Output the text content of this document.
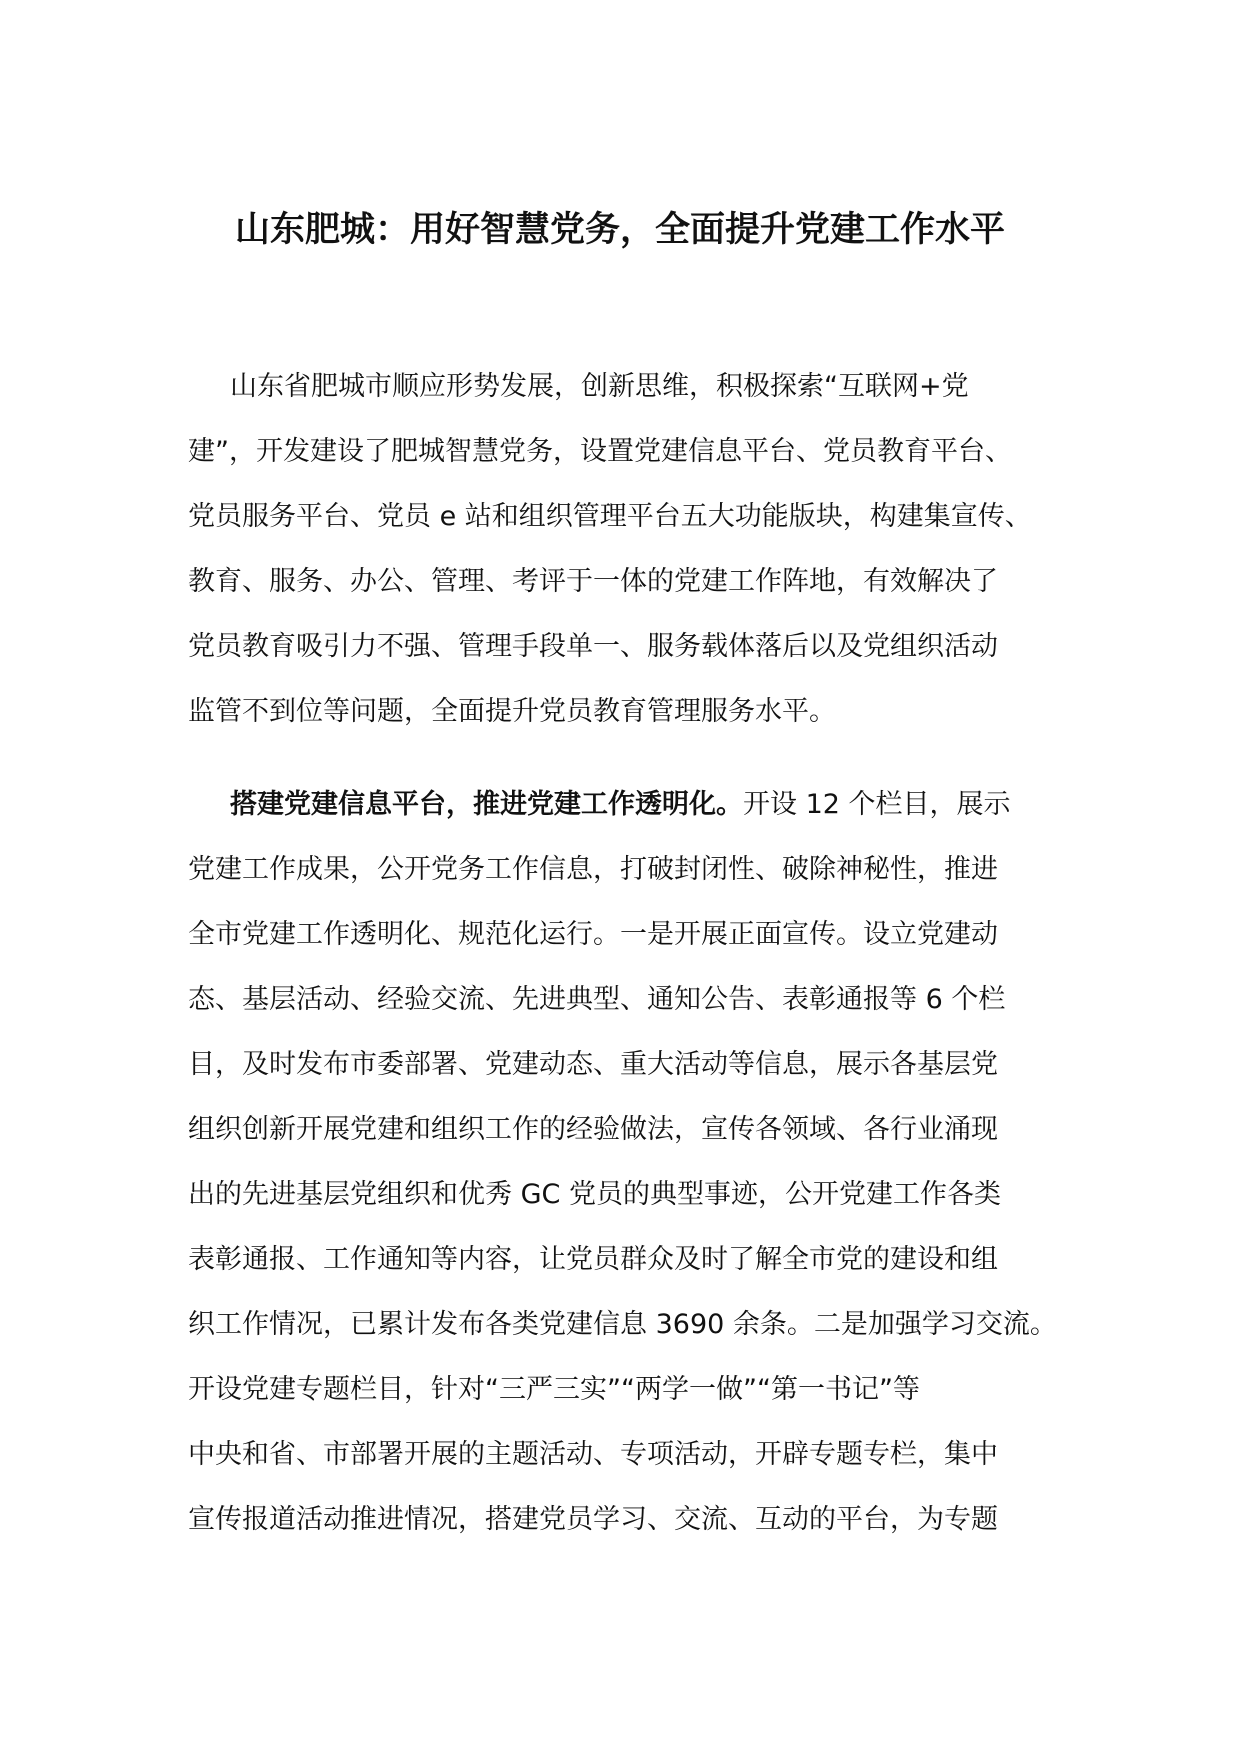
山东肥城：用好智慧党务，全面提升党建工作水平
山东省肥城市顺应形势发展，创新思维，积极探索“互联网+党
建”，开发建设了肥城智慧党务，设置党建信息平台、党员教育平台、
党员服务平台、党员 e 站和组织管理平台五大功能版块，构建集宣传、
教育、服务、办公、管理、考评于一体的党建工作阵地，有效解决了
党员教育吸引力不强、管理手段单一、服务载体落后以及党组织活动
监管不到位等问题，全面提升党员教育管理服务水平。
搭建党建信息平台，推进党建工作透明化。开设 12 个栏目，展示
党建工作成果，公开党务工作信息，打破封闭性、破除神秘性，推进
全市党建工作透明化、规范化运行。一是开展正面宣传。设立党建动
态、基层活动、经验交流、先进典型、通知公告、表彰通报等 6 个栏
目，及时发布市委部署、党建动态、重大活动等信息，展示各基层党
组织创新开展党建和组织工作的经验做法，宣传各领域、各行业涌现
出的先进基层党组织和优秀 GC 党员的典型事迹，公开党建工作各类
表彰通报、工作通知等内容，让党员群众及时了解全市党的建设和组
织工作情况，已累计发布各类党建信息 3690 余条。二是加强学习交流。
开设党建专题栏目，针对“三严三实”“两学一做”“第一书记”等
中央和省、市部署开展的主题活动、专项活动，开辟专题专栏，集中
宣传报道活动推进情况，搭建党员学习、交流、互动的平台，为专题
